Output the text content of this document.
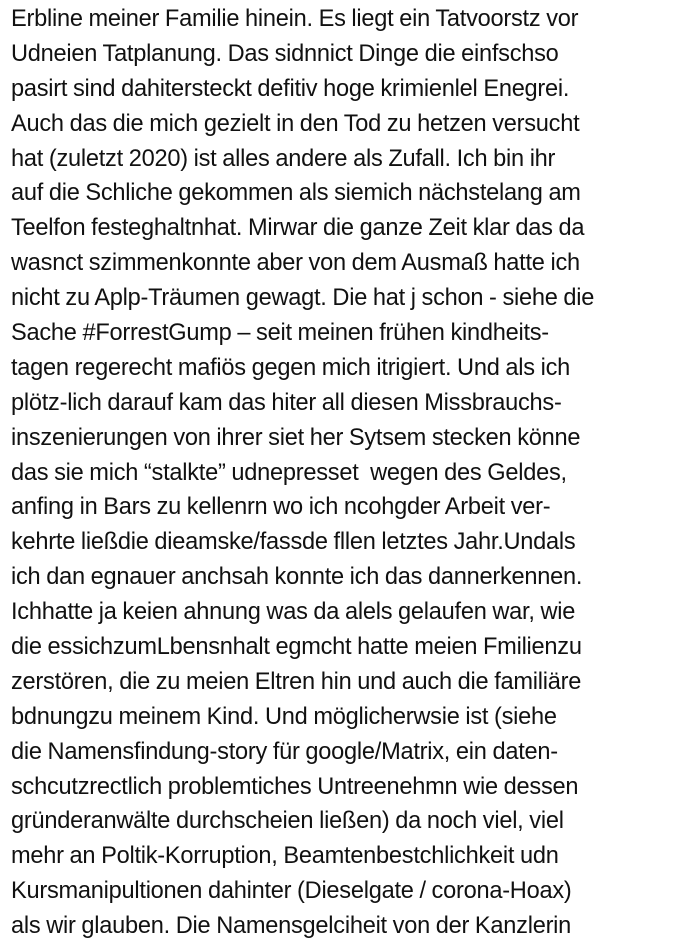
Erbline meiner Familie hinein. Es liegt ein Tatvoorstz vor
Udneien Tatplanung. Das sidnnict Dinge die einfschso
pasirt sind dahitersteckt defitiv hoge krimienlel Enegrei.
Auch das die mich gezielt in den Tod zu hetzen versucht
hat (zuletzt 2020) ist alles andere als Zufall. Ich bin ihr
auf die Schliche gekommen als siemich nächstelang am
Teelfon festeghaltnhat. Mirwar die ganze Zeit klar das da
wasnct szimmenkonnte aber von dem Ausmaß hatte ich
nicht zu Aplp-Träumen gewagt. Die hat j schon - siehe die
Sache #ForrestGump – seit meinen frühen kindheits-
tagen regerecht mafiös gegen mich itrigiert. Und als ich
plötz-lich darauf kam das hiter all diesen Missbrauchs-
inszenierungen von ihrer siet her Sytsem stecken könne
das sie mich “stalkte” udnepresset  wegen des Geldes,
anfing in Bars zu kellenrn wo ich ncohgder Arbeit ver-
kehrte ließdie dieamske/fassde fllen letztes Jahr.Undals
ich dan egnauer anchsah konnte ich das dannerkennen.
Ichhatte ja keien ahnung was da alels gelaufen war, wie
die essichzumLbensnhalt egmcht hatte meien Fmilienzu
zerstören, die zu meien Eltren hin und auch die familiäre
bdnungzu meinem Kind. Und möglicherwsie ist (siehe
die Namensfindung-story für google/Matrix, ein daten-
schcutzrectlich problemtiches Untreenehmn wie dessen
gründeranwälte durchscheien ließen) da noch viel, viel
mehr an Poltik-Korruption, Beamtenbestchlichkeit udn
Kursmanipultionen dahinter (Dieselgate / corona-Hoax)
als wir glauben. Die Namensgelciheit von der Kanzlerin
